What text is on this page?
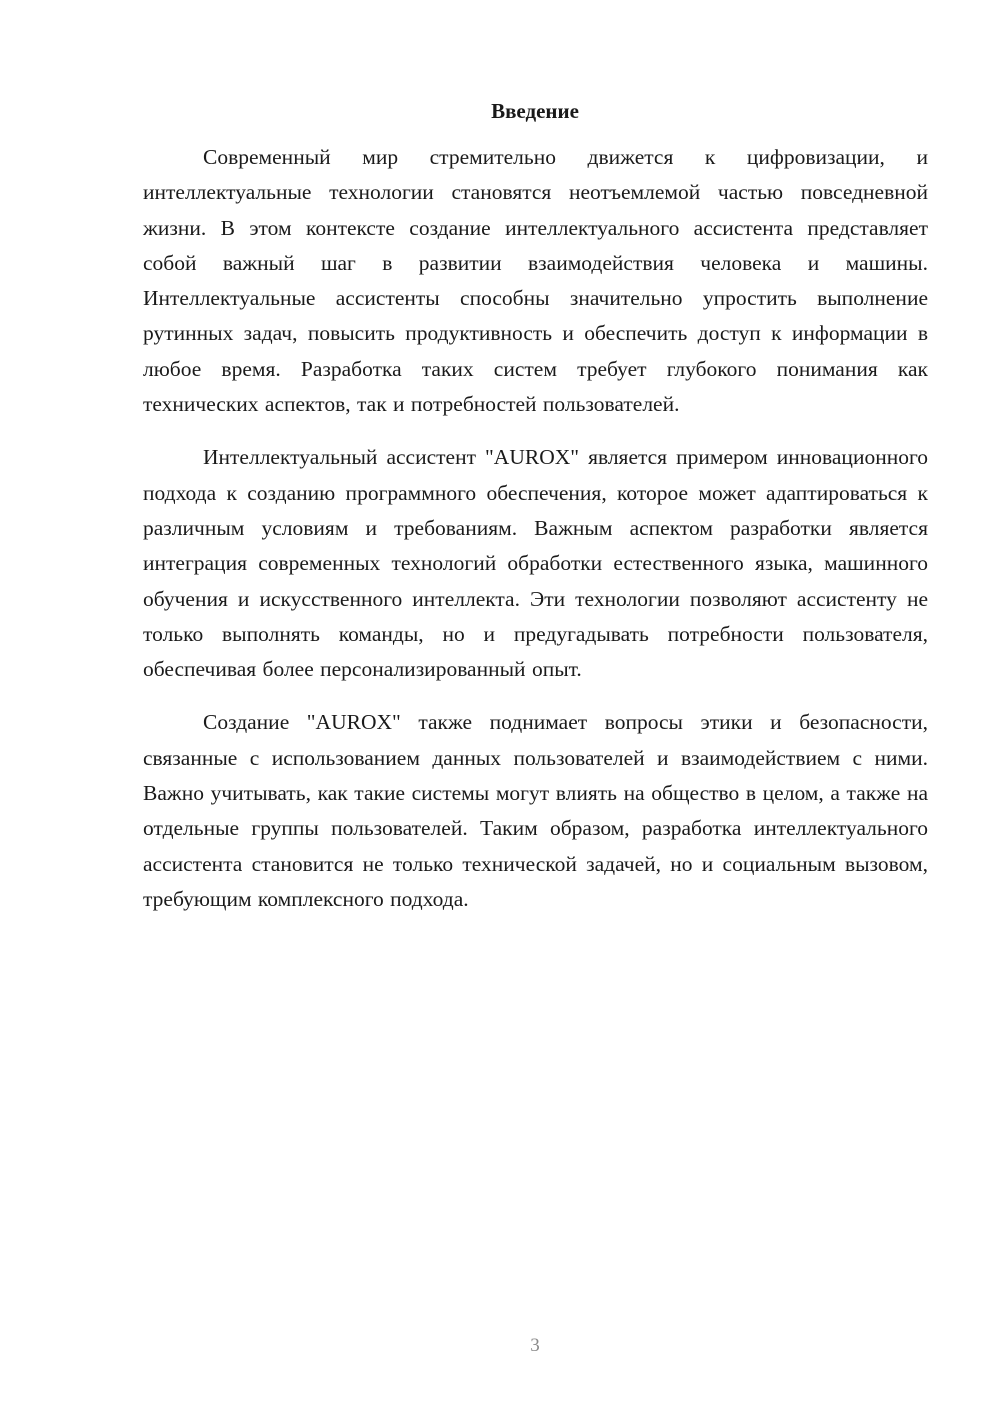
Введение

Современный мир стремительно движется к цифровизации, и интеллектуальные технологии становятся неотъемлемой частью повседневной жизни. В этом контексте создание интеллектуального ассистента представляет собой важный шаг в развитии взаимодействия человека и машины. Интеллектуальные ассистенты способны значительно упростить выполнение рутинных задач, повысить продуктивность и обеспечить доступ к информации в любое время. Разработка таких систем требует глубокого понимания как технических аспектов, так и потребностей пользователей.

Интеллектуальный ассистент "AUROX" является примером инновационного подхода к созданию программного обеспечения, которое может адаптироваться к различным условиям и требованиям. Важным аспектом разработки является интеграция современных технологий обработки естественного языка, машинного обучения и искусственного интеллекта. Эти технологии позволяют ассистенту не только выполнять команды, но и предугадывать потребности пользователя, обеспечивая более персонализированный опыт.

Создание "AUROX" также поднимает вопросы этики и безопасности, связанные с использованием данных пользователей и взаимодействием с ними. Важно учитывать, как такие системы могут влиять на общество в целом, а также на отдельные группы пользователей. Таким образом, разработка интеллектуального ассистента становится не только технической задачей, но и социальным вызовом, требующим комплексного подхода.

3
